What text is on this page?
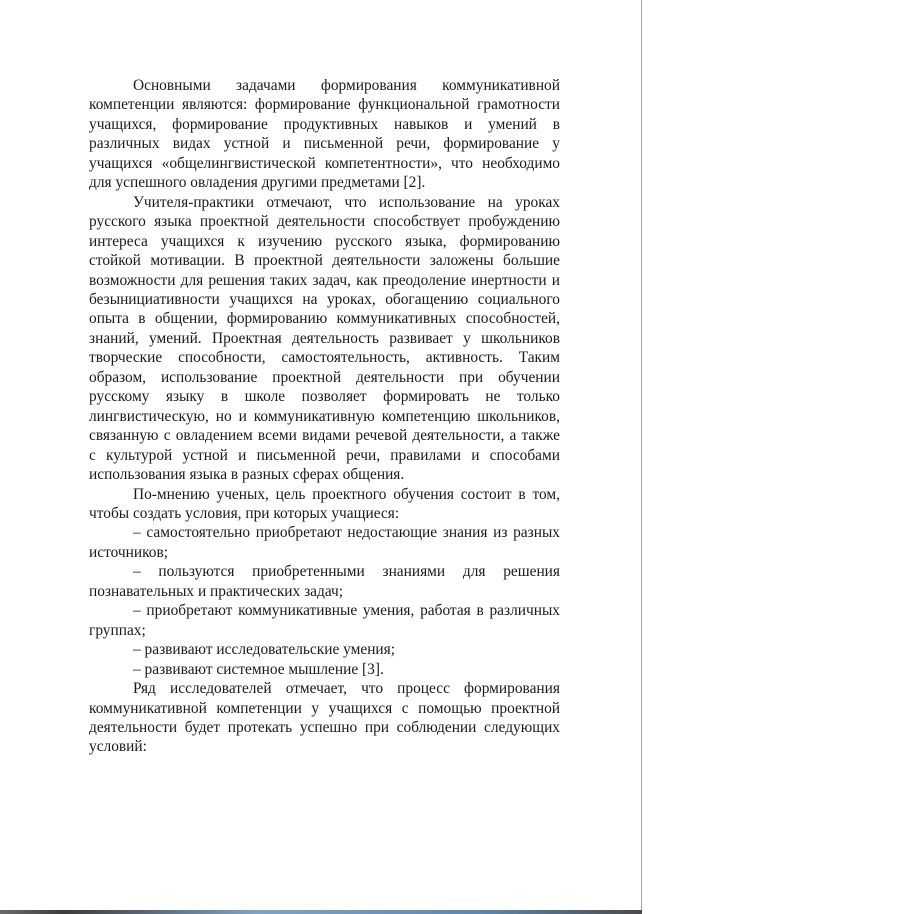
Основными задачами формирования коммуникативной компетенции являются: формирование функциональной грамотности учащихся, формирование продуктивных навыков и умений в различных видах устной и письменной речи, формирование у учащихся «общелингвистической компетентности», что необходимо для успешного овладения другими предметами [2].

Учителя-практики отмечают, что использование на уроках русского языка проектной деятельности способствует пробуждению интереса учащихся к изучению русского языка, формированию стойкой мотивации. В проектной деятельности заложены большие возможности для решения таких задач, как преодоление инертности и безынициативности учащихся на уроках, обогащению социального опыта в общении, формированию коммуникативных способностей, знаний, умений. Проектная деятельность развивает у школьников творческие способности, самостоятельность, активность. Таким образом, использование проектной деятельности при обучении русскому языку в школе позволяет формировать не только лингвистическую, но и коммуникативную компетенцию школьников, связанную с овладением всеми видами речевой деятельности, а также с культурой устной и письменной речи, правилами и способами использования языка в разных сферах общения.

По-мнению ученых, цель проектного обучения состоит в том, чтобы создать условия, при которых учащиеся:

– самостоятельно приобретают недостающие знания из разных источников;

– пользуются приобретенными знаниями для решения познавательных и практических задач;

– приобретают коммуникативные умения, работая в различных группах;

– развивают исследовательские умения;

– развивают системное мышление [3].

Ряд исследователей отмечает, что процесс формирования коммуникативной компетенции у учащихся с помощью проектной деятельности будет протекать успешно при соблюдении следующих условий:
